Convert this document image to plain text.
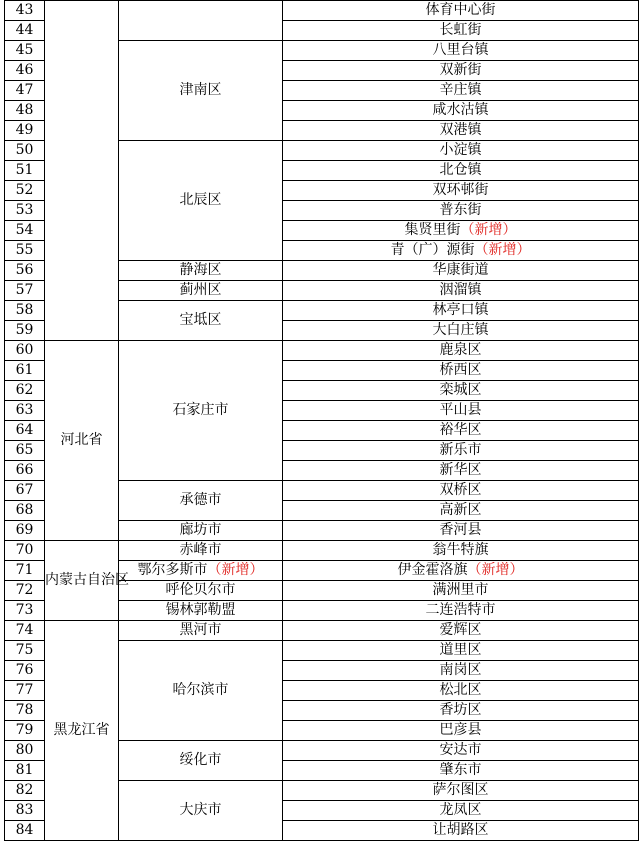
43			体育中心街
44			长虹街
45		津南区	八里台镇
46			双新街
47			辛庄镇
48			咸水沽镇
49			双港镇
50		北辰区	小淀镇
51			北仓镇
52			双环邨街
53			普东街
54			集贤里街（新增）
55			青（广）源街（新增）
56		静海区	华康街道
57		蓟州区	洇溜镇
58		宝坻区	林亭口镇
59			大白庄镇
60	河北省	石家庄市	鹿泉区
61			桥西区
62			栾城区
63			平山县
64			裕华区
65			新乐市
66			新华区
67		承德市	双桥区
68			高新区
69		廊坊市	香河县
70	内蒙古自治区	赤峰市	翁牛特旗
71		鄂尔多斯市（新增）	伊金霍洛旗（新增）
72		呼伦贝尔市	满洲里市
73		锡林郭勒盟	二连浩特市
74	黑龙江省	黑河市	爱辉区
75		哈尔滨市	道里区
76			南岗区
77			松北区
78			香坊区
79			巴彦县
80		绥化市	安达市
81			肇东市
82		大庆市	萨尔图区
83			龙凤区
84			让胡路区
